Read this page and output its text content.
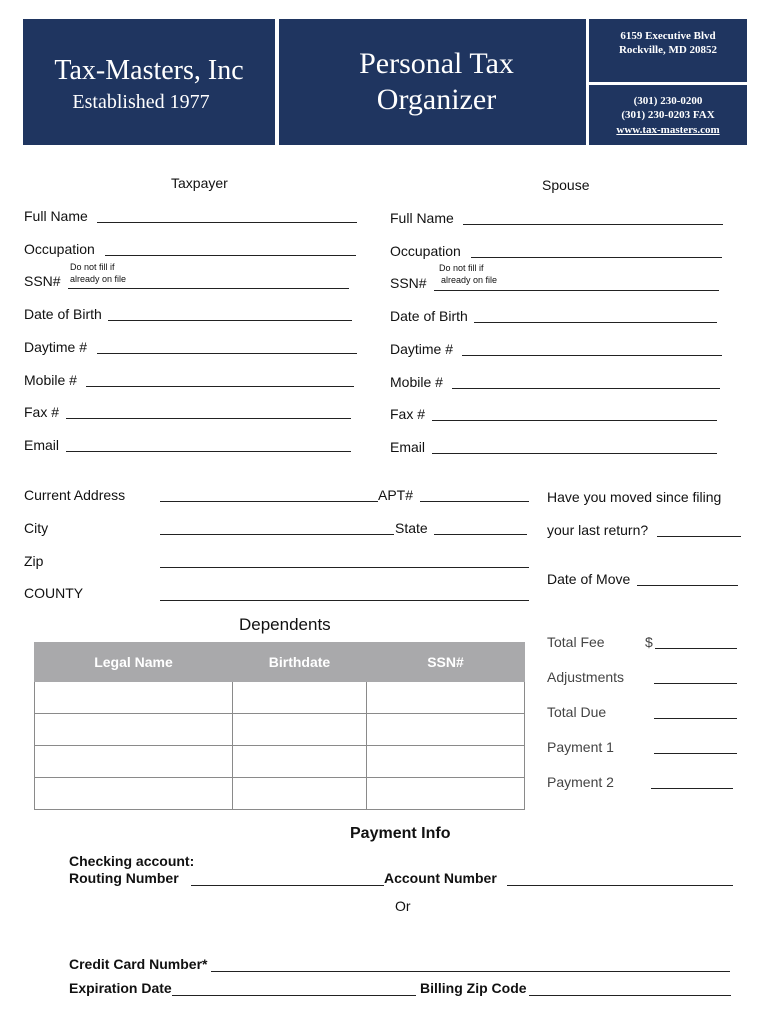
Tax-Masters, Inc
Established 1977
Personal Tax
Organizer
6159 Executive Blvd
Rockville, MD 20852
(301) 230-0200
(301) 230-0203 FAX
www.tax-masters.com
Taxpayer
Full Name
Occupation
Do not fill if
already on file
SSN#
Date of Birth
Daytime #
Mobile #
Fax #
Email
Spouse
Full Name
Occupation
Do not fill if
already on file
SSN#
Date of Birth
Daytime #
Mobile #
Fax #
Email
Current Address	APT#
City	State
Zip
COUNTY
Have you moved since filing
your last return?
Date of Move
Dependents
Legal Name	Birthdate	SSN#

Total Fee	$
Adjustments
Total Due
Payment 1
Payment 2
Payment Info
Checking account:
Routing Number	Account Number
Or
Credit Card Number*
Expiration Date	Billing Zip Code
